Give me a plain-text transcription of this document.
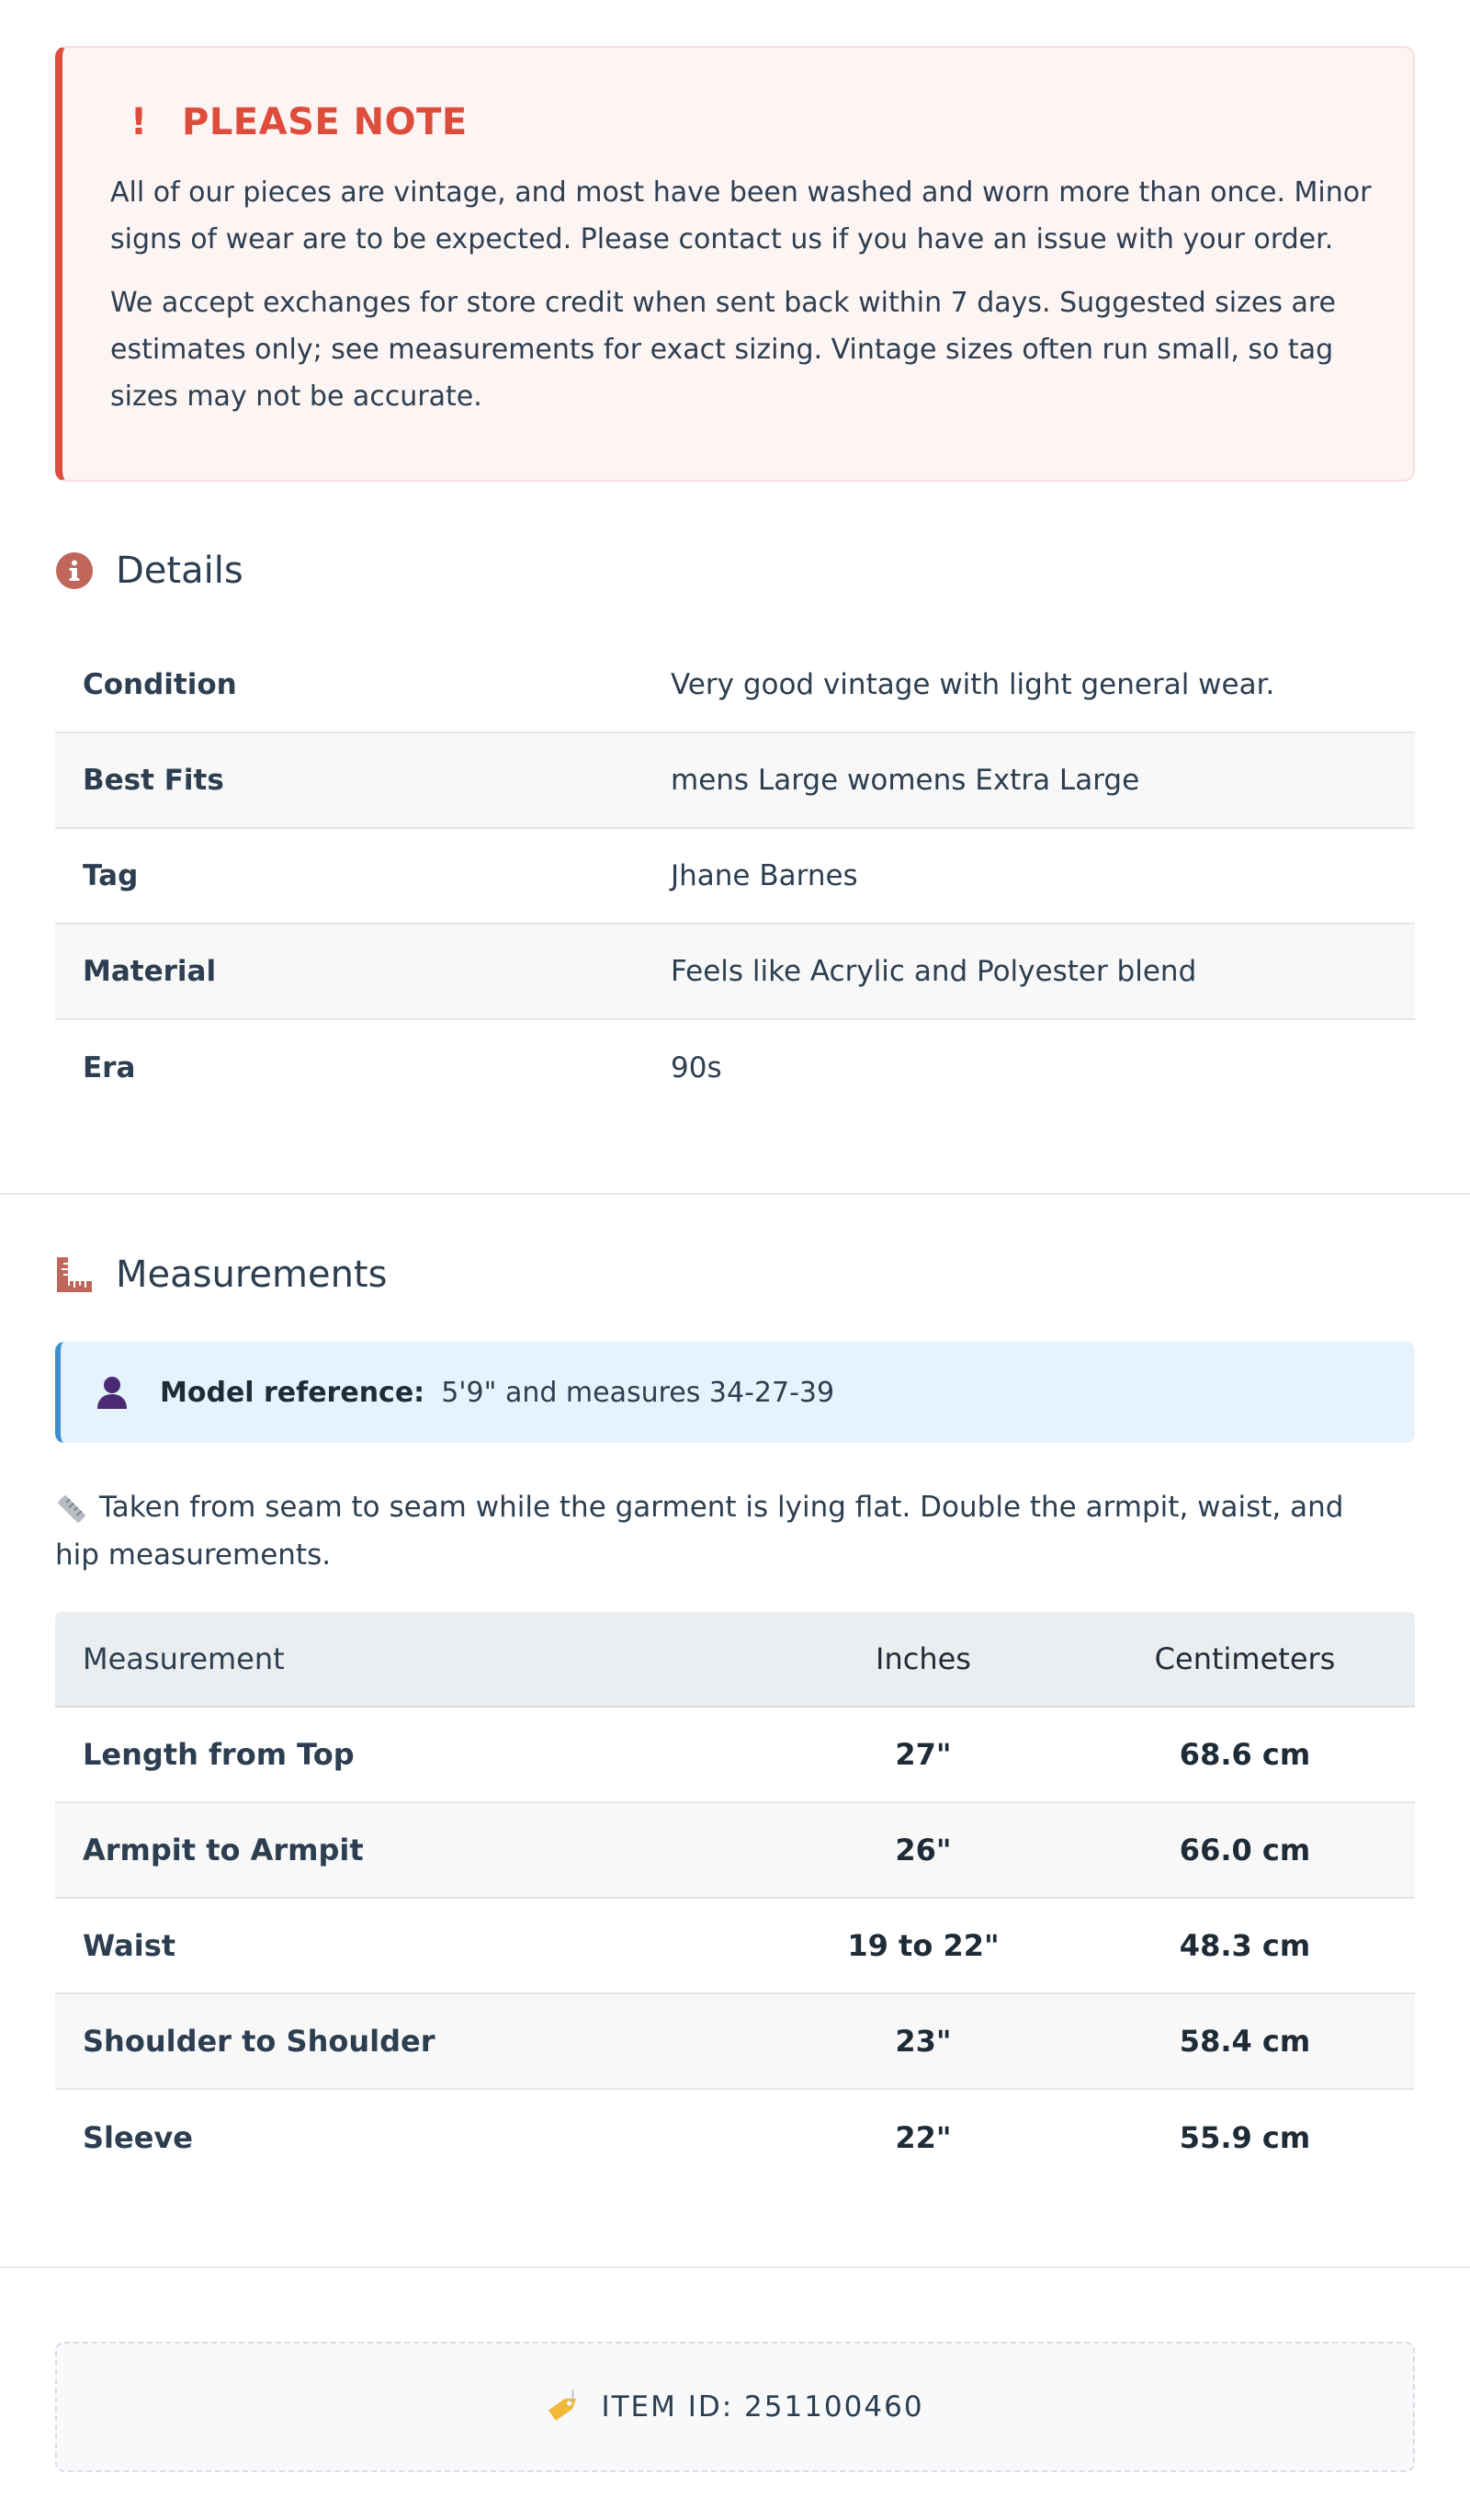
! PLEASE NOTE

All of our pieces are vintage, and most have been washed and worn more than once. Minor signs of wear are to be expected. Please contact us if you have an issue with your order.

We accept exchanges for store credit when sent back within 7 days. Suggested sizes are estimates only; see measurements for exact sizing. Vintage sizes often run small, so tag sizes may not be accurate.

Details
Condition	Very good vintage with light general wear.
Best Fits	mens Large womens Extra Large
Tag	Jhane Barnes
Material	Feels like Acrylic and Polyester blend
Era	90s
Measurements
Model reference: 5'9" and measures 34-27-39

Taken from seam to seam while the garment is lying flat. Double the armpit, waist, and hip measurements.

Measurement	Inches	Centimeters
Length from Top	27"	68.6 cm
Armpit to Armpit	26"	66.0 cm
Waist	19 to 22"	48.3 cm
Shoulder to Shoulder	23"	58.4 cm
Sleeve	22"	55.9 cm
ITEM ID: 251100460
